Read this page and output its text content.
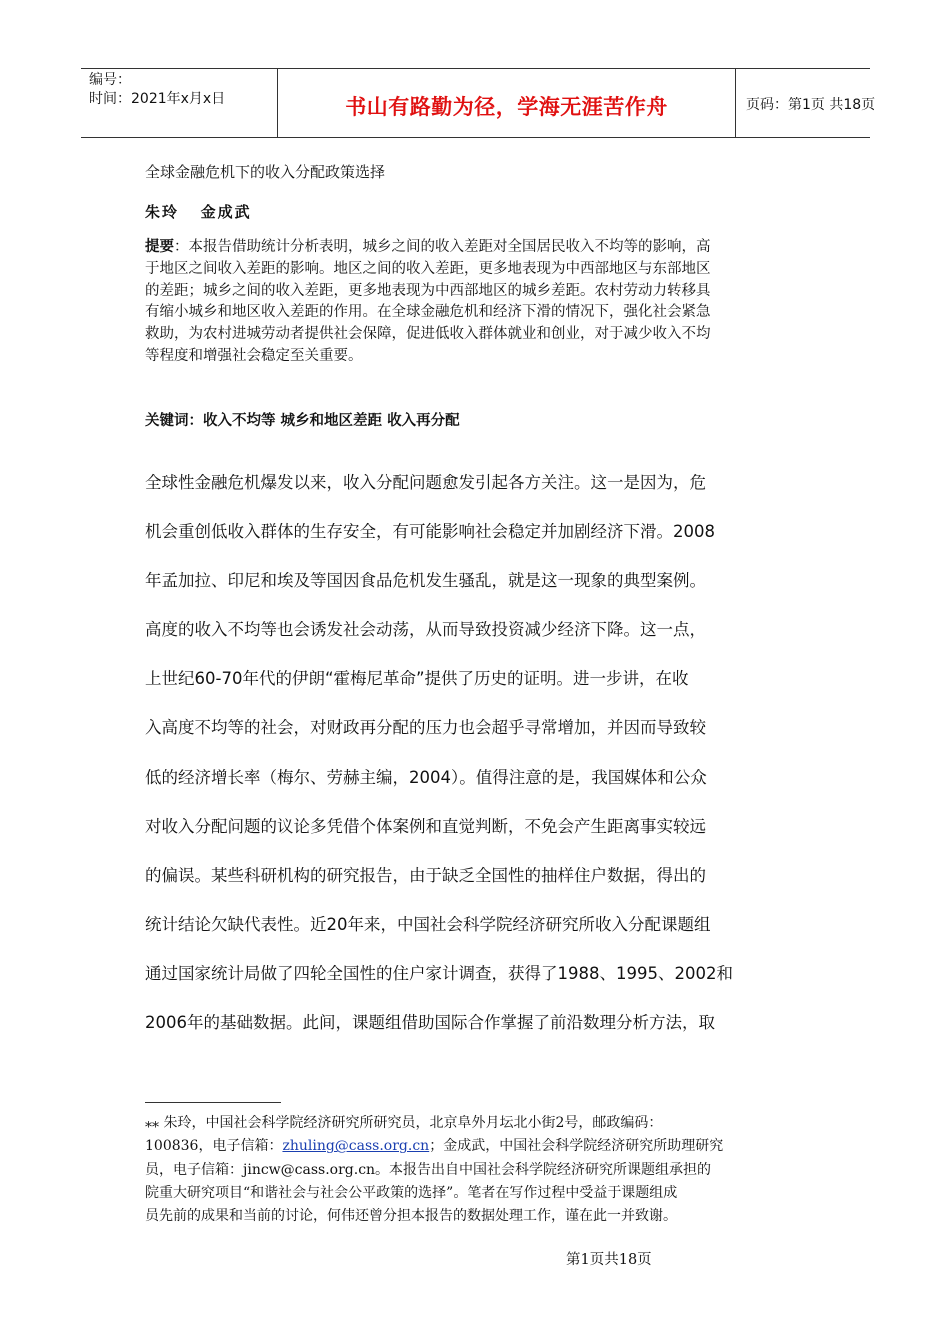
编号：
时间：2021年x月x日	书山有路勤为径，学海无涯苦作舟	页码：第1页 共18页
全球金融危机下的收入分配政策选择
朱玲   金成武
提要：本报告借助统计分析表明，城乡之间的收入差距对全国居民收入不均等的影响，高
于地区之间收入差距的影响。地区之间的收入差距，更多地表现为中西部地区与东部地区
的差距；城乡之间的收入差距，更多地表现为中西部地区的城乡差距。农村劳动力转移具
有缩小城乡和地区收入差距的作用。在全球金融危机和经济下滑的情况下，强化社会紧急
救助，为农村进城劳动者提供社会保障，促进低收入群体就业和创业，对于减少收入不均
等程度和增强社会稳定至关重要。
关键词：收入不均等 城乡和地区差距 收入再分配
全球性金融危机爆发以来，收入分配问题愈发引起各方关注。这一是因为，危
机会重创低收入群体的生存安全，有可能影响社会稳定并加剧经济下滑。2008
年孟加拉、印尼和埃及等国因食品危机发生骚乱，就是这一现象的典型案例。
高度的收入不均等也会诱发社会动荡，从而导致投资减少经济下降。这一点，
上世纪60-70年代的伊朗“霍梅尼革命”提供了历史的证明。进一步讲，在收
入高度不均等的社会，对财政再分配的压力也会超乎寻常增加，并因而导致较
低的经济增长率（梅尔、劳赫主编，2004）。值得注意的是，我国媒体和公众
对收入分配问题的议论多凭借个体案例和直觉判断，不免会产生距离事实较远
的偏误。某些科研机构的研究报告，由于缺乏全国性的抽样住户数据，得出的
统计结论欠缺代表性。近20年来，中国社会科学院经济研究所收入分配课题组
通过国家统计局做了四轮全国性的住户家计调查，获得了1988、1995、2002和
2006年的基础数据。此间，课题组借助国际合作掌握了前沿数理分析方法，取
⁎⁎ 朱玲，中国社会科学院经济研究所研究员，北京阜外月坛北小街2号，邮政编码：
100836，电子信箱：zhuling@cass.org.cn；金成武，中国社会科学院经济研究所助理研究
员，电子信箱：jincw@cass.org.cn。本报告出自中国社会科学院经济研究所课题组承担的
院重大研究项目“和谐社会与社会公平政策的选择”。笔者在写作过程中受益于课题组成
员先前的成果和当前的讨论，何伟还曾分担本报告的数据处理工作，谨在此一并致谢。
第1页共18页
